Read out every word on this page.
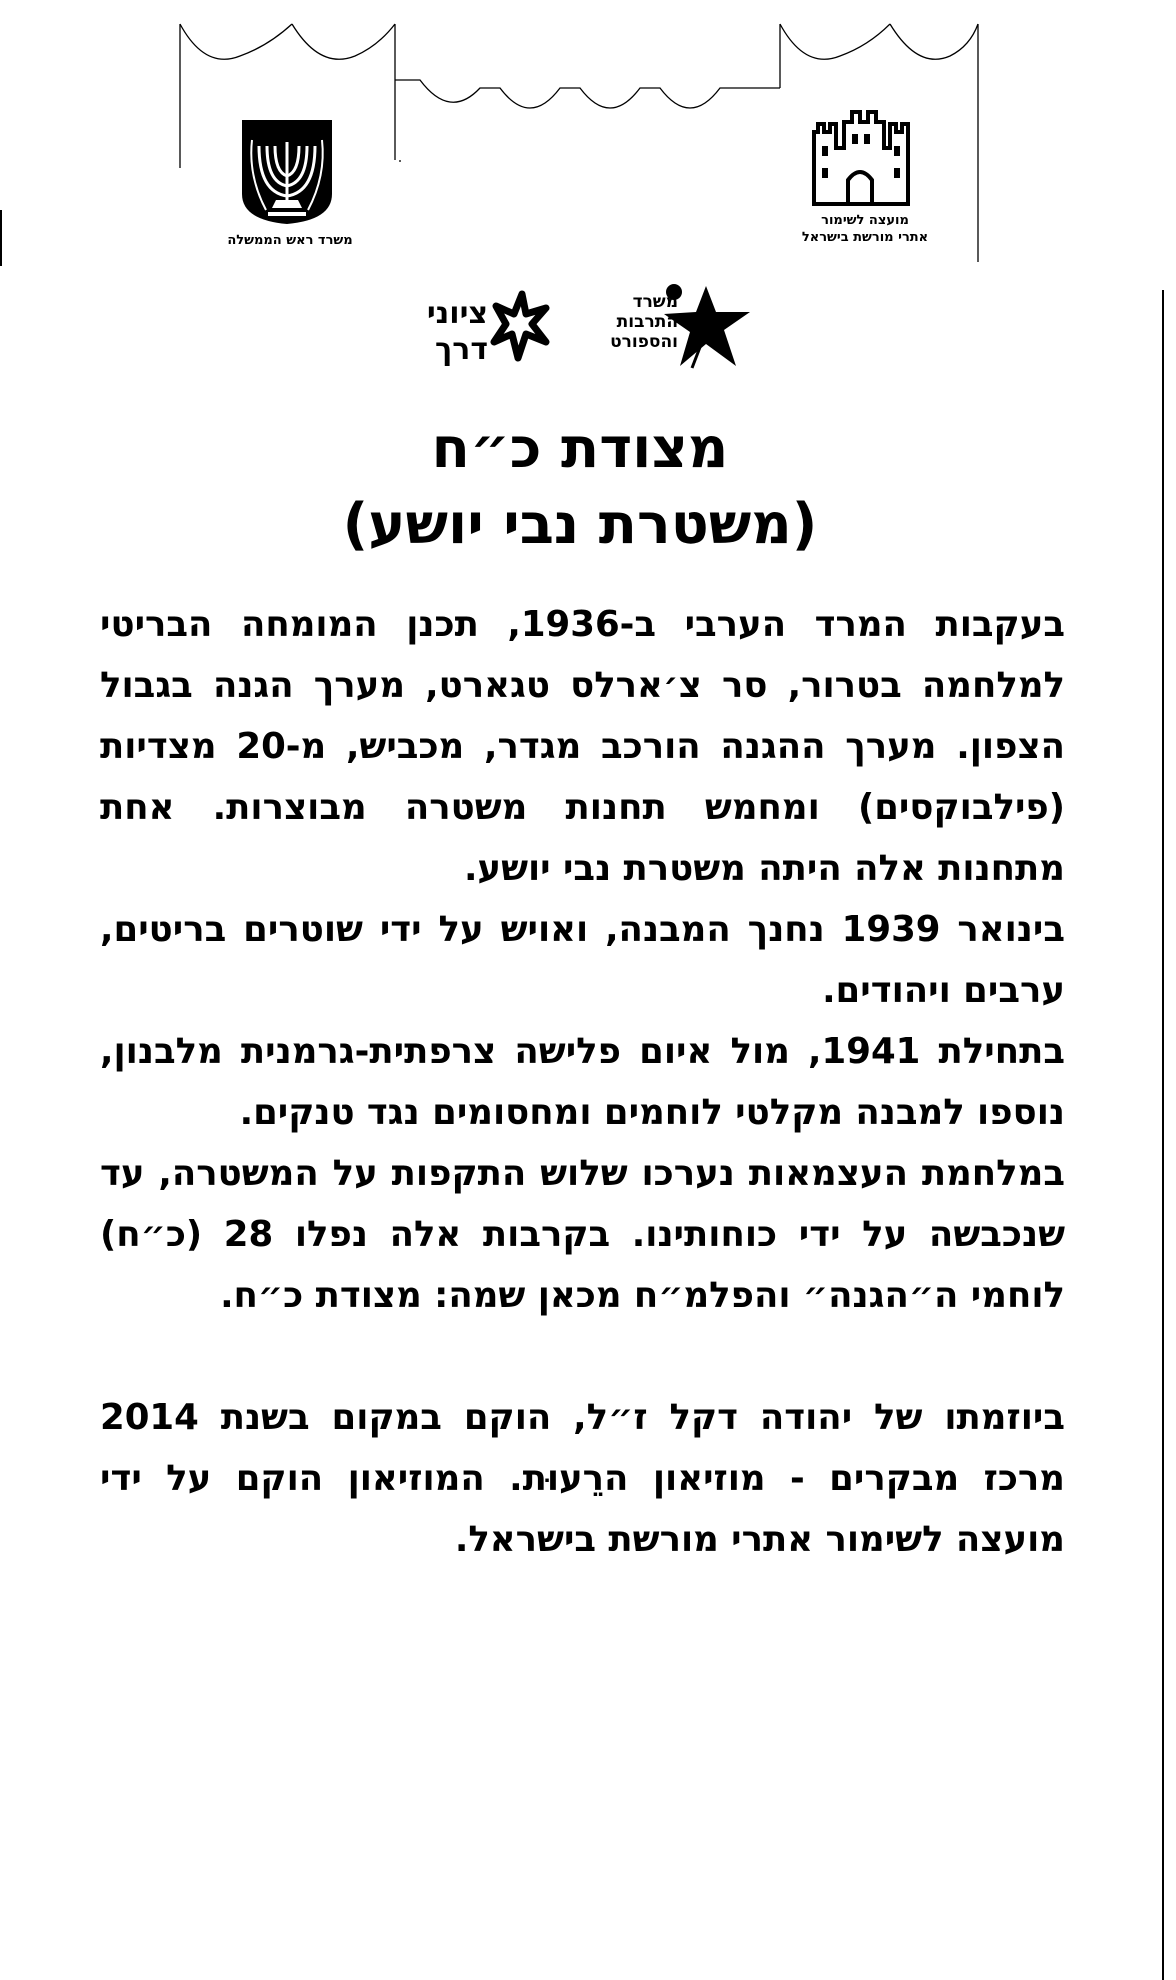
משרד ראש הממשלה
מועצה לשימור
אתרי מורשת בישראל
משרד
התרבות
והספורט
ציוני
דרך
מצודת כ״ח
(משטרת נבי יושע)

בעקבות המרד הערבי ב-1936, תכנן המומחה הבריטי למלחמה בטרור, סר צ׳ארלס טגארט, מערך הגנה בגבול הצפון. מערך ההגנה הורכב מגדר, מכביש, מ-20 מצדיות (פילבוקסים) ומחמש תחנות משטרה מבוצרות. אחת מתחנות אלה היתה משטרת נבי יושע.

בינואר 1939 נחנך המבנה, ואויש על ידי שוטרים בריטים, ערבים ויהודים.

בתחילת 1941, מול איום פלישה צרפתית-גרמנית מלבנון, נוספו למבנה מקלטי לוחמים ומחסומים נגד טנקים.

במלחמת העצמאות נערכו שלוש התקפות על המשטרה, עד שנכבשה על ידי כוחותינו. בקרבות אלה נפלו 28 (כ״ח) לוחמי ה״הגנה״ והפלמ״ח מכאן שמה: מצודת כ״ח.

ביוזמתו של יהודה דקל ז״ל, הוקם במקום בשנת 2014 מרכז מבקרים - מוזיאון הרֵעוּת. המוזיאון הוקם על ידי מועצה לשימור אתרי מורשת בישראל.
